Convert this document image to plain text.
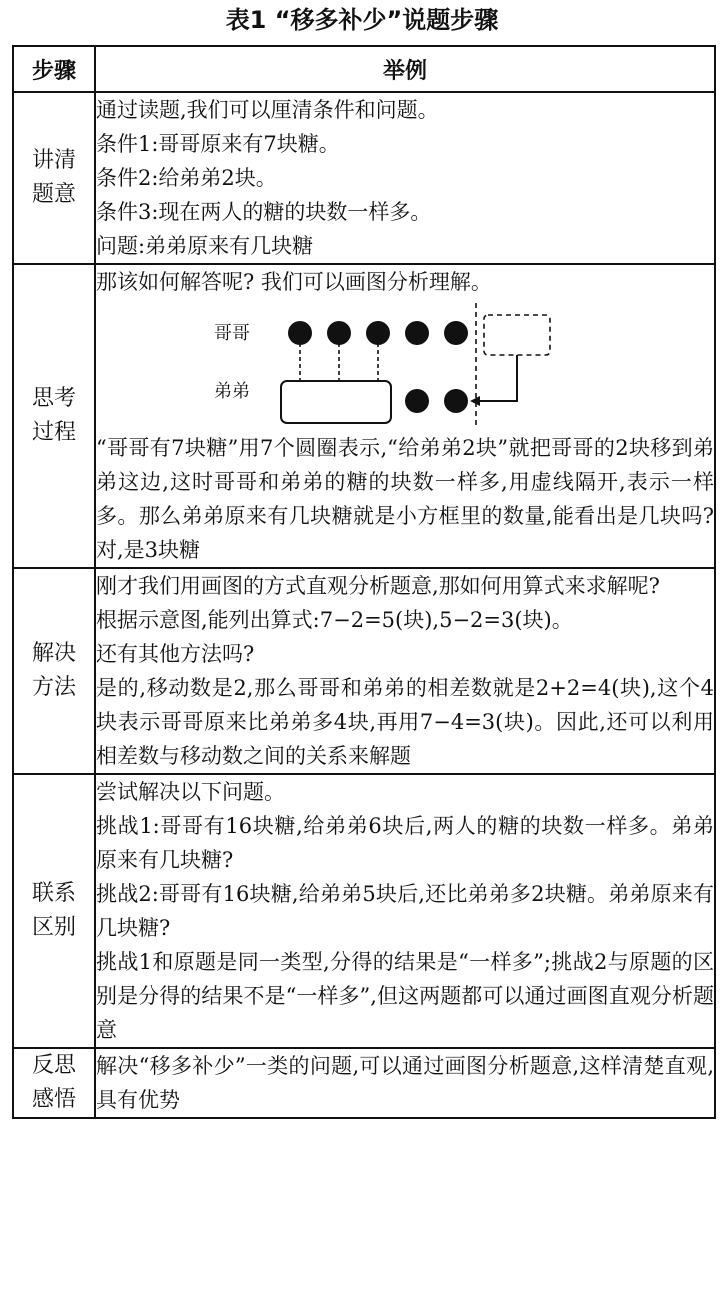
表1 “移多补少”说题步骤
步骤	举例
讲清题意	通过读题,我们可以厘清条件和问题。
条件1:哥哥原来有7块糖。
条件2:给弟弟2块。
条件3:现在两人的糖的块数一样多。
问题:弟弟原来有几块糖

思考过程	那该如何解答呢? 我们可以画图分析理解。
哥哥
弟弟
“哥哥有7块糖”用7个圆圈表示,“给弟弟2块”就把哥哥的2块移到弟弟这边,这时哥哥和弟弟的糖的块数一样多,用虚线隔开,表示一样多。那么弟弟原来有几块糖就是小方框里的数量,能看出是几块吗?对,是3块糖

解决方法	刚才我们用画图的方式直观分析题意,那如何用算式来求解呢?
根据示意图,能列出算式:7−2=5(块),5−2=3(块)。
还有其他方法吗?
是的,移动数是2,那么哥哥和弟弟的相差数就是2+2=4(块),这个4块表示哥哥原来比弟弟多4块,再用7−4=3(块)。因此,还可以利用相差数与移动数之间的关系来解题

联系区别	尝试解决以下问题。
挑战1:哥哥有16块糖,给弟弟6块后,两人的糖的块数一样多。弟弟原来有几块糖?
挑战2:哥哥有16块糖,给弟弟5块后,还比弟弟多2块糖。弟弟原来有几块糖?
挑战1和原题是同一类型,分得的结果是“一样多”;挑战2与原题的区别是分得的结果不是“一样多”,但这两题都可以通过画图直观分析题意

反思感悟	解决“移多补少”一类的问题,可以通过画图分析题意,这样清楚直观,具有优势
